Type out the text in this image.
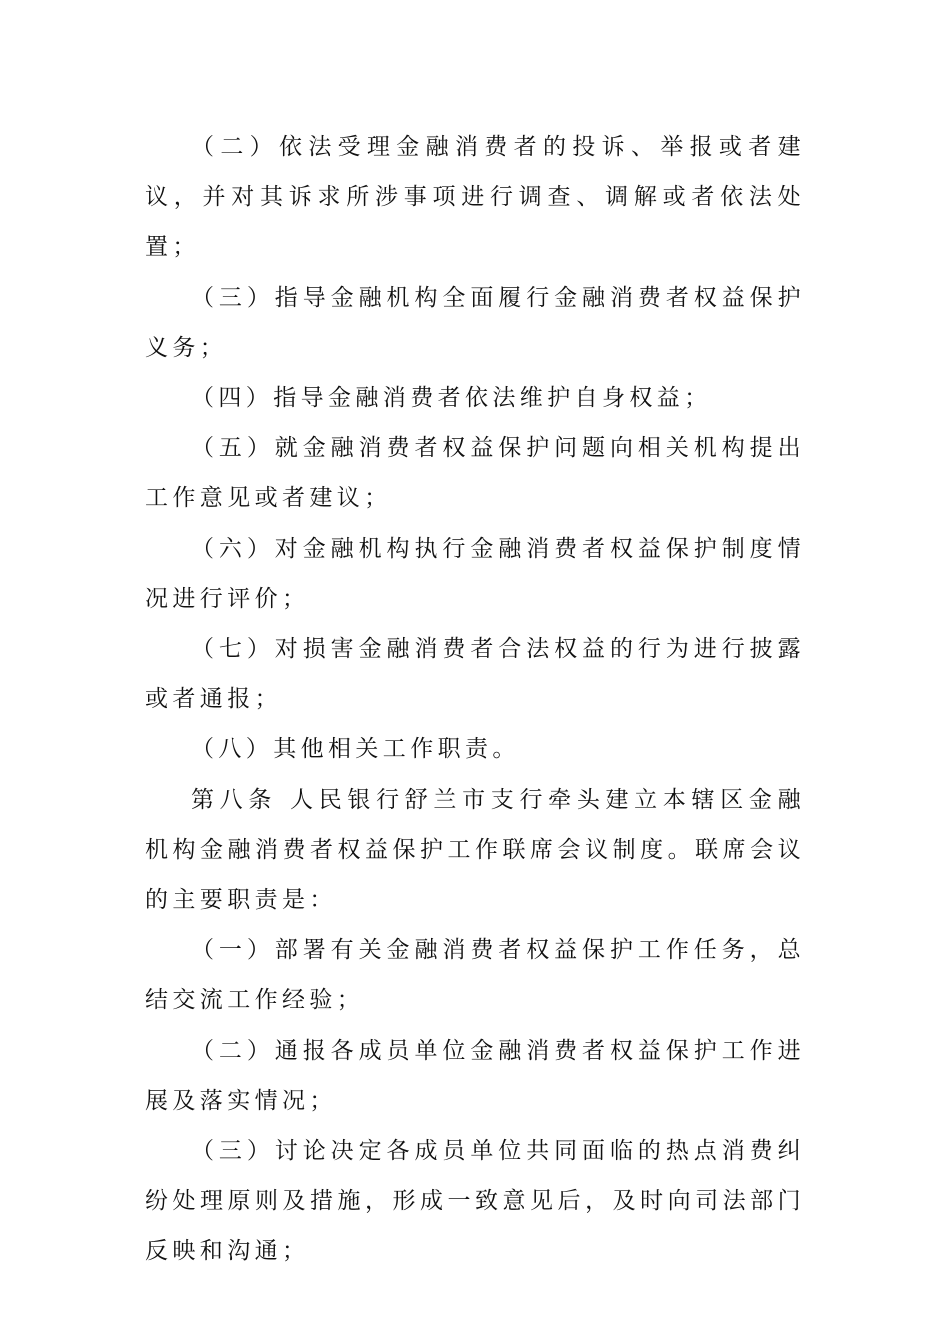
（二）依法受理金融消费者的投诉、举报或者建议，并对其诉求所涉事项进行调查、调解或者依法处置；

（三）指导金融机构全面履行金融消费者权益保护义务；

（四）指导金融消费者依法维护自身权益；

（五）就金融消费者权益保护问题向相关机构提出工作意见或者建议；

（六）对金融机构执行金融消费者权益保护制度情况进行评价；

（七）对损害金融消费者合法权益的行为进行披露或者通报；

（八）其他相关工作职责。

第八条 人民银行舒兰市支行牵头建立本辖区金融机构金融消费者权益保护工作联席会议制度。联席会议的主要职责是：

（一）部署有关金融消费者权益保护工作任务，总结交流工作经验；

（二）通报各成员单位金融消费者权益保护工作进展及落实情况；

（三）讨论决定各成员单位共同面临的热点消费纠纷处理原则及措施，形成一致意见后，及时向司法部门反映和沟通；
